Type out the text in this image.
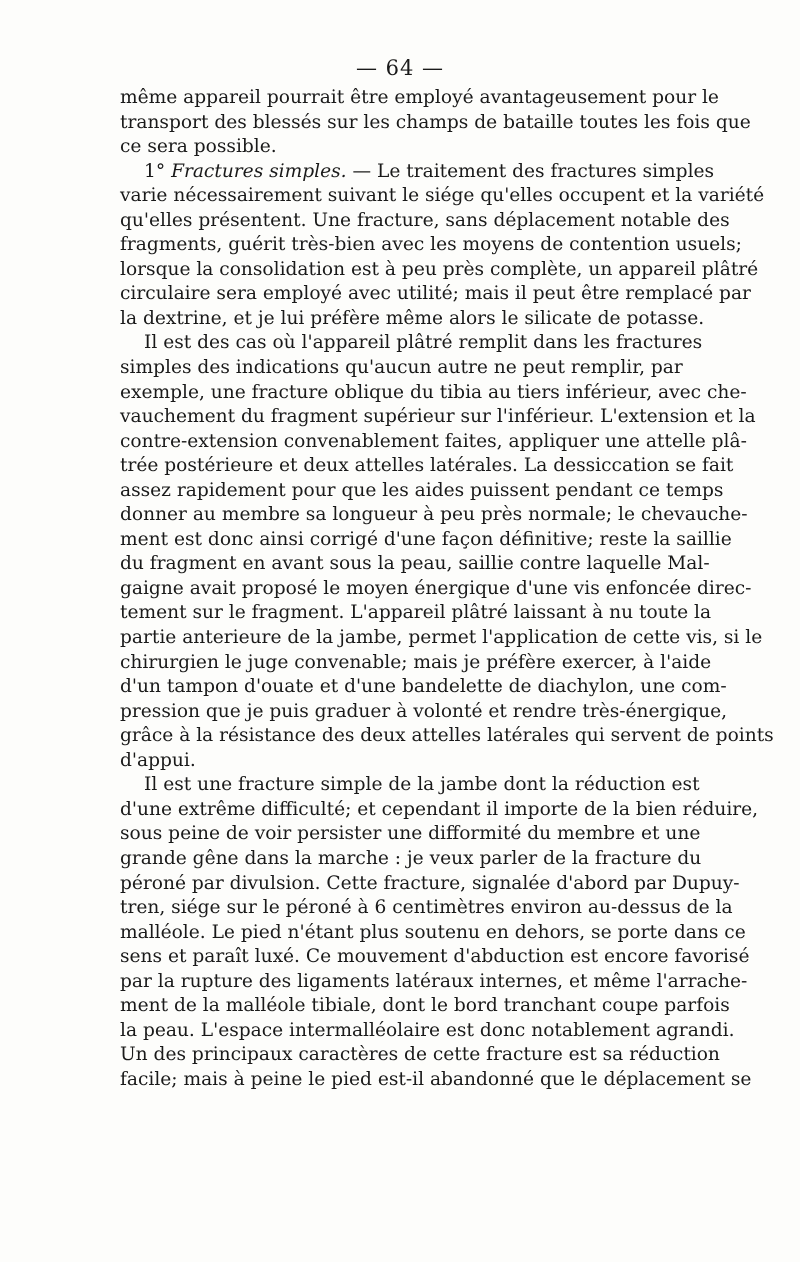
— 64 —
même appareil pourrait être employé avantageusement pour le
transport des blessés sur les champs de bataille toutes les fois que
ce sera possible.
1° Fractures simples. — Le traitement des fractures simples
varie nécessairement suivant le siége qu'elles occupent et la variété
qu'elles présentent. Une fracture, sans déplacement notable des
fragments, guérit très-bien avec les moyens de contention usuels;
lorsque la consolidation est à peu près complète, un appareil plâtré
circulaire sera employé avec utilité; mais il peut être remplacé par
la dextrine, et je lui préfère même alors le silicate de potasse.
Il est des cas où l'appareil plâtré remplit dans les fractures
simples des indications qu'aucun autre ne peut remplir, par
exemple, une fracture oblique du tibia au tiers inférieur, avec che-
vauchement du fragment supérieur sur l'inférieur. L'extension et la
contre-extension convenablement faites, appliquer une attelle plâ-
trée postérieure et deux attelles latérales. La dessiccation se fait
assez rapidement pour que les aides puissent pendant ce temps
donner au membre sa longueur à peu près normale; le chevauche-
ment est donc ainsi corrigé d'une façon définitive; reste la saillie
du fragment en avant sous la peau, saillie contre laquelle Mal-
gaigne avait proposé le moyen énergique d'une vis enfoncée direc-
tement sur le fragment. L'appareil plâtré laissant à nu toute la
partie anterieure de la jambe, permet l'application de cette vis, si le
chirurgien le juge convenable; mais je préfère exercer, à l'aide
d'un tampon d'ouate et d'une bandelette de diachylon, une com-
pression que je puis graduer à volonté et rendre très-énergique,
grâce à la résistance des deux attelles latérales qui servent de points
d'appui.
Il est une fracture simple de la jambe dont la réduction est
d'une extrême difficulté; et cependant il importe de la bien réduire,
sous peine de voir persister une difformité du membre et une
grande gêne dans la marche : je veux parler de la fracture du
péroné par divulsion. Cette fracture, signalée d'abord par Dupuy-
tren, siége sur le péroné à 6 centimètres environ au-dessus de la
malléole. Le pied n'étant plus soutenu en dehors, se porte dans ce
sens et paraît luxé. Ce mouvement d'abduction est encore favorisé
par la rupture des ligaments latéraux internes, et même l'arrache-
ment de la malléole tibiale, dont le bord tranchant coupe parfois
la peau. L'espace intermalléolaire est donc notablement agrandi.
Un des principaux caractères de cette fracture est sa réduction
facile; mais à peine le pied est-il abandonné que le déplacement se
